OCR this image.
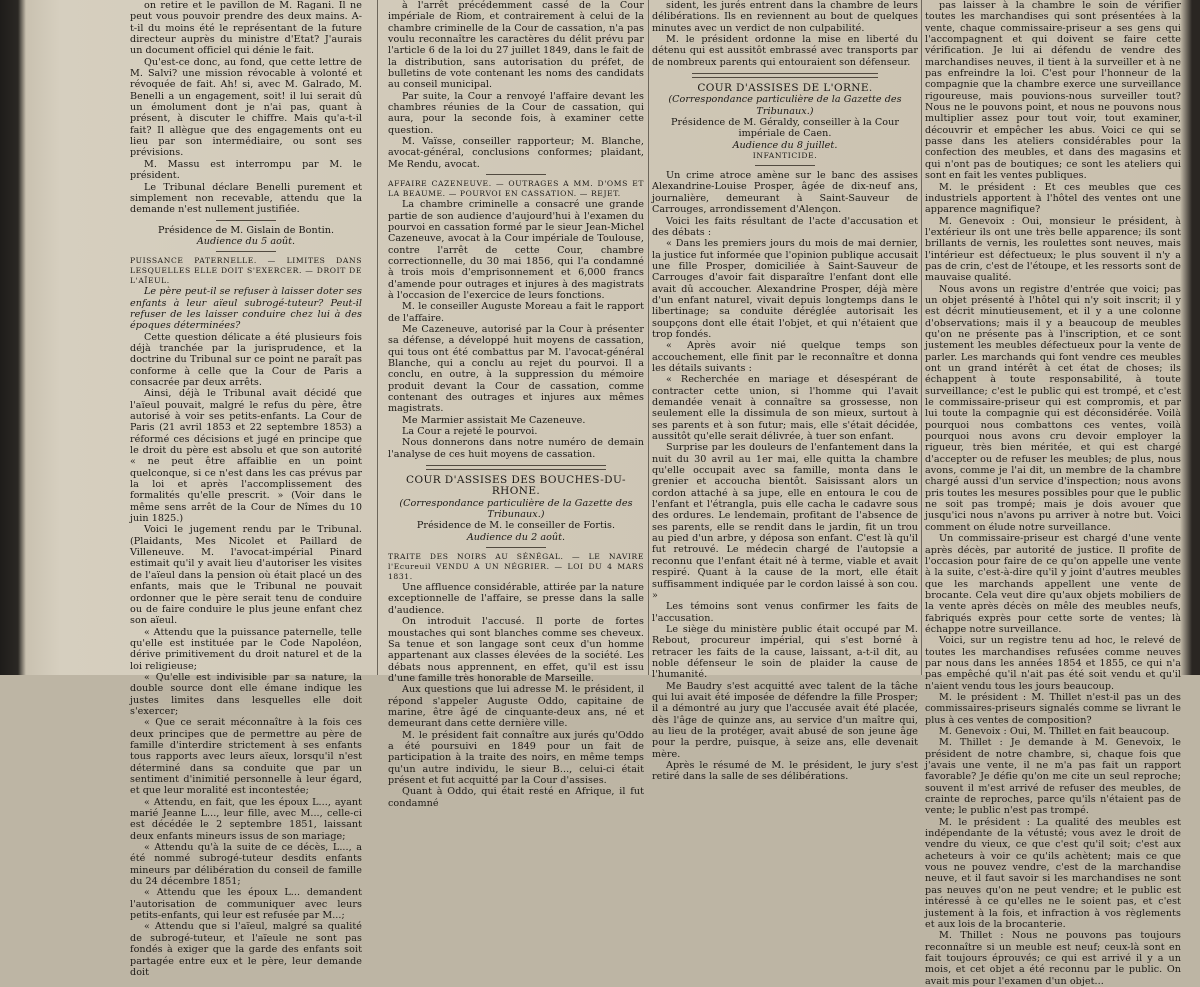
on retire et le pavillon de M. Ragani. Il ne peut vous pouvoir prendre des deux mains. A-t-il du moins été le représentant de la future directeur auprès du ministre d'Etat? J'aurais un document officiel qui dénie le fait.

Qu'est-ce donc, au fond, que cette lettre de M. Salvi? une mission révocable à volonté et révoquée de fait. Ah! si, avec M. Galrado, M. Benelli a un engagement, soit! il lui serait dû un émolument dont je n'ai pas, quant à présent, à discuter le chiffre. Mais qu'a-t-il fait? Il allègue que des engagements ont eu lieu par son intermédiaire, ou sont ses prévisions.

M. Massu est interrompu par M. le président.

Le Tribunal déclare Benelli purement et simplement non recevable, attendu que la demande n'est nullement justifiée.

Présidence de M. Gislain de Bontin.

Audience du 5 août.

PUISSANCE PATERNELLE. — LIMITES DANS LESQUELLES ELLE DOIT S'EXERCER. — DROIT DE L'AÏEUL.

Le père peut-il se refuser à laisser doter ses enfants à leur aïeul subrogé-tuteur? Peut-il refuser de les laisser conduire chez lui à des époques déterminées?

Cette question délicate a été plusieurs fois déjà tranchée par la jurisprudence, et la doctrine du Tribunal sur ce point ne paraît pas conforme à celle que la Cour de Paris a consacrée par deux arrêts.

Ainsi, déjà le Tribunal avait décidé que l'aïeul pouvait, malgré le refus du père, être autorisé à voir ses petits-enfants. La Cour de Paris (21 avril 1853 et 22 septembre 1853) a réformé ces décisions et jugé en principe que le droit du père est absolu et que son autorité « ne peut être affaiblie en un point quelconque, si ce n'est dans les cas prévus par la loi et après l'accomplissement des formalités qu'elle prescrit. » (Voir dans le même sens arrêt de la Cour de Nîmes du 10 juin 1825.)

Voici le jugement rendu par le Tribunal. (Plaidants, Mes Nicolet et Paillard de Villeneuve. M. l'avocat-impérial Pinard estimait qu'il y avait lieu d'autoriser les visites de l'aïeul dans la pension où était placé un des enfants, mais que le Tribunal ne pouvait ordonner que le père serait tenu de conduire ou de faire conduire le plus jeune enfant chez son aïeul.

« Attendu que la puissance paternelle, telle qu'elle est instituée par le Code Napoléon, dérive primitivement du droit naturel et de la loi religieuse;

« Qu'elle est indivisible par sa nature, la double source dont elle émane indique les justes limites dans lesquelles elle doit s'exercer;

« Que ce serait méconnaître à la fois ces deux principes que de permettre au père de famille d'interdire strictement à ses enfants tous rapports avec leurs aïeux, lorsqu'il n'est déterminé dans sa conduite que par un sentiment d'inimitié personnelle à leur égard, et que leur moralité est incontestée;

« Attendu, en fait, que les époux L..., ayant marié Jeanne L..., leur fille, avec M..., celle-ci est décédée le 2 septembre 1851, laissant deux enfants mineurs issus de son mariage;

« Attendu qu'à la suite de ce décès, L..., a été nommé subrogé-tuteur desdits enfants mineurs par délibération du conseil de famille du 24 décembre 1851;

« Attendu que les époux L... demandent l'autorisation de communiquer avec leurs petits-enfants, qui leur est refusée par M...;

« Attendu que si l'aïeul, malgré sa qualité de subrogé-tuteur, et l'aïeule ne sont pas fondés à exiger que la garde des enfants soit partagée entre eux et le père, leur demande doit

à l'arrêt précédemment cassé de la Cour impériale de Riom, et contrairement à celui de la chambre criminelle de la Cour de cassation, n'a pas voulu reconnaître les caractères du délit prévu par l'article 6 de la loi du 27 juillet 1849, dans le fait de la distribution, sans autorisation du préfet, de bulletins de vote contenant les noms des candidats au conseil municipal.

Par suite, la Cour a renvoyé l'affaire devant les chambres réunies de la Cour de cassation, qui aura, pour la seconde fois, à examiner cette question.

M. Vaïsse, conseiller rapporteur; M. Blanche, avocat-général, conclusions conformes; plaidant, Me Rendu, avocat.

AFFAIRE CAZENEUVE. — OUTRAGES A MM. D'OMS ET LA BEAUME. — POURVOI EN CASSATION. — REJET.

La chambre criminelle a consacré une grande partie de son audience d'aujourd'hui à l'examen du pourvoi en cassation formé par le sieur Jean-Michel Cazeneuve, avocat à la Cour impériale de Toulouse, contre l'arrêt de cette Cour, chambre correctionnelle, du 30 mai 1856, qui l'a condamné à trois mois d'emprisonnement et 6,000 francs d'amende pour outrages et injures à des magistrats à l'occasion de l'exercice de leurs fonctions.

M. le conseiller Auguste Moreau a fait le rapport de l'affaire.

Me Cazeneuve, autorisé par la Cour à présenter sa défense, a développé huit moyens de cassation, qui tous ont été combattus par M. l'avocat-général Blanche, qui a conclu au rejet du pourvoi. Il a conclu, en outre, à la suppression du mémoire produit devant la Cour de cassation, comme contenant des outrages et injures aux mêmes magistrats.

Me Marmier assistait Me Cazeneuve.

La Cour a rejeté le pourvoi.

Nous donnerons dans notre numéro de demain l'analyse de ces huit moyens de cassation.

COUR D'ASSISES DES BOUCHES-DU-RHONE.

(Correspondance particulière de la Gazette des Tribunaux.)

Présidence de M. le conseiller de Fortis.

Audience du 2 août.

TRAITE DES NOIRS AU SÉNÉGAL. — LE NAVIRE l'Ecureuil VENDU A UN NÉGRIER. — LOI DU 4 MARS 1831.

Une affluence considérable, attirée par la nature exceptionnelle de l'affaire, se presse dans la salle d'audience.

On introduit l'accusé. Il porte de fortes moustaches qui sont blanches comme ses cheveux. Sa tenue et son langage sont ceux d'un homme appartenant aux classes élevées de la société. Les débats nous apprennent, en effet, qu'il est issu d'une famille très honorable de Marseille.

Aux questions que lui adresse M. le président, il répond s'appeler Auguste Oddo, capitaine de marine, être âgé de cinquante-deux ans, né et demeurant dans cette dernière ville.

M. le président fait connaître aux jurés qu'Oddo a été poursuivi en 1849 pour un fait de participation à la traite des noirs, en même temps qu'un autre individu, le sieur B..., celui-ci était présent et fut acquitté par la Cour d'assises.

Quant à Oddo, qui était resté en Afrique, il fut condamné

sident, les jurés entrent dans la chambre de leurs délibérations. Ils en reviennent au bout de quelques minutes avec un verdict de non culpabilité.

M. le président ordonne la mise en liberté du détenu qui est aussitôt embrassé avec transports par de nombreux parents qui entouraient son défenseur.

COUR D'ASSISES DE L'ORNE.

(Correspondance particulière de la Gazette des Tribunaux.)

Présidence de M. Géraldy, conseiller à la Cour impériale de Caen.

Audience du 8 juillet.

INFANTICIDE.

Un crime atroce amène sur le banc des assises Alexandrine-Louise Prosper, âgée de dix-neuf ans, journalière, demeurant à Saint-Sauveur de Carrouges, arrondissement d'Alençon.

Voici les faits résultant de l'acte d'accusation et des débats :

« Dans les premiers jours du mois de mai dernier, la justice fut informée que l'opinion publique accusait une fille Prosper, domiciliée à Saint-Sauveur de Carrouges d'avoir fait disparaître l'enfant dont elle avait dû accoucher. Alexandrine Prosper, déjà mère d'un enfant naturel, vivait depuis longtemps dans le libertinage; sa conduite déréglée autorisait les soupçons dont elle était l'objet, et qui n'étaient que trop fondés.

« Après avoir nié quelque temps son accouchement, elle finit par le reconnaître et donna les détails suivants :

« Recherchée en mariage et désespérant de contracter cette union, si l'homme qui l'avait demandée venait à connaître sa grossesse, non seulement elle la dissimula de son mieux, surtout à ses parents et à son futur; mais, elle s'était décidée, aussitôt qu'elle serait délivrée, à tuer son enfant.

Surprise par les douleurs de l'enfantement dans la nuit du 30 avril au 1er mai, elle quitta la chambre qu'elle occupait avec sa famille, monta dans le grenier et accoucha bientôt. Saisissant alors un cordon attaché à sa jupe, elle en entoura le cou de l'enfant et l'étrangla, puis elle cacha le cadavre sous des ordures. Le lendemain, profitant de l'absence de ses parents, elle se rendit dans le jardin, fit un trou au pied d'un arbre, y déposa son enfant. C'est là qu'il fut retrouvé. Le médecin chargé de l'autopsie a reconnu que l'enfant était né à terme, viable et avait respiré. Quant à la cause de la mort, elle était suffisamment indiquée par le cordon laissé à son cou. »

Les témoins sont venus confirmer les faits de l'accusation.

Le siège du ministère public était occupé par M. Rebout, procureur impérial, qui s'est borné à retracer les faits de la cause, laissant, a-t-il dit, au noble défenseur le soin de plaider la cause de l'humanité.

Me Baudry s'est acquitté avec talent de la tâche qui lui avait été imposée de défendre la fille Prosper; il a démontré au jury que l'accusée avait été placée, dès l'âge de quinze ans, au service d'un maître qui, au lieu de la protéger, avait abusé de son jeune âge pour la perdre, puisque, à seize ans, elle devenait mère.

Après le résumé de M. le président, le jury s'est retiré dans la salle de ses délibérations.

pas laisser à la chambre le soin de vérifier toutes les marchandises qui sont présentées à la vente, chaque commissaire-priseur a ses gens qui l'accompagnent et qui doivent se faire cette vérification. Je lui ai défendu de vendre des marchandises neuves, il tient à la surveiller et à ne pas enfreindre la loi. C'est pour l'honneur de la compagnie que la chambre exerce une surveillance rigoureuse, mais pouvions-nous surveiller tout? Nous ne le pouvons point, et nous ne pouvons nous multiplier assez pour tout voir, tout examiner, découvrir et empêcher les abus. Voici ce qui se passe dans les ateliers considérables pour la confection des meubles, et dans des magasins et qui n'ont pas de boutiques; ce sont les ateliers qui sont en fait les ventes publiques.

M. le président : Et ces meubles que ces industriels apportent à l'hôtel des ventes ont une apparence magnifique?

M. Genevoix : Oui, monsieur le président, à l'extérieur ils ont une très belle apparence; ils sont brillants de vernis, les roulettes sont neuves, mais l'intérieur est défectueux; le plus souvent il n'y a pas de crin, c'est de l'étoupe, et les ressorts sont de mauvaise qualité.

Nous avons un registre d'entrée que voici; pas un objet présenté à l'hôtel qui n'y soit inscrit; il y est décrit minutieusement, et il y a une colonne d'observations; mais il y a beaucoup de meubles qu'on ne présente pas à l'inscription, et ce sont justement les meubles défectueux pour la vente de parler. Les marchands qui font vendre ces meubles ont un grand intérêt à cet état de choses; ils échappent à toute responsabilité, à toute surveillance; c'est le public qui est trompé, et c'est le commissaire-priseur qui est compromis, et par lui toute la compagnie qui est déconsidérée. Voilà pourquoi nous combattons ces ventes, voilà pourquoi nous avons cru devoir employer la rigueur, très bien méritée, et qui est chargé d'accepter ou de refuser les meubles; de plus, nous avons, comme je l'ai dit, un membre de la chambre chargé aussi d'un service d'inspection; nous avons pris toutes les mesures possibles pour que le public ne soit pas trompé; mais je dois avouer que jusqu'ici nous n'avons pu arriver à notre but. Voici comment on élude notre surveillance.

Un commissaire-priseur est chargé d'une vente après décès, par autorité de justice. Il profite de l'occasion pour faire de ce qu'on appelle une vente à la suite, c'est-à-dire qu'il y joint d'autres meubles que les marchands appellent une vente de brocante. Cela veut dire qu'aux objets mobiliers de la vente après décès on mêle des meubles neufs, fabriqués exprès pour cette sorte de ventes; là échappe notre surveillance.

Voici, sur un registre tenu ad hoc, le relevé de toutes les marchandises refusées comme neuves par nous dans les années 1854 et 1855, ce qui n'a pas empêché qu'il n'ait pas été soit vendu et qu'il n'aient vendu tous les jours beaucoup.

M. le président : M. Thillet n'est-il pas un des commissaires-priseurs signalés comme se livrant le plus à ces ventes de composition?

M. Genevoix : Oui, M. Thillet en fait beaucoup.

M. Thillet : Je demande à M. Genevoix, le président de notre chambre, si, chaque fois que j'avais une vente, il ne m'a pas fait un rapport favorable? Je défie qu'on me cite un seul reproche; souvent il m'est arrivé de refuser des meubles, de crainte de reproches, parce qu'ils n'étaient pas de vente; le public n'est pas trompé.

M. le président : La qualité des meubles est indépendante de la vétusté; vous avez le droit de vendre du vieux, ce que c'est qu'il soit; c'est aux acheteurs à voir ce qu'ils achètent; mais ce que vous ne pouvez vendre, c'est de la marchandise neuve, et il faut savoir si les marchandises ne sont pas neuves qu'on ne peut vendre; et le public est intéressé à ce qu'elles ne le soient pas, et c'est justement à la fois, et infraction à vos règlements et aux lois de la brocanterie.

M. Thillet : Nous ne pouvons pas toujours reconnaître si un meuble est neuf; ceux-là sont en fait toujours éprouvés; ce qui est arrivé il y a un mois, et cet objet a été reconnu par le public. On avait mis pour l'examen d'un objet...
